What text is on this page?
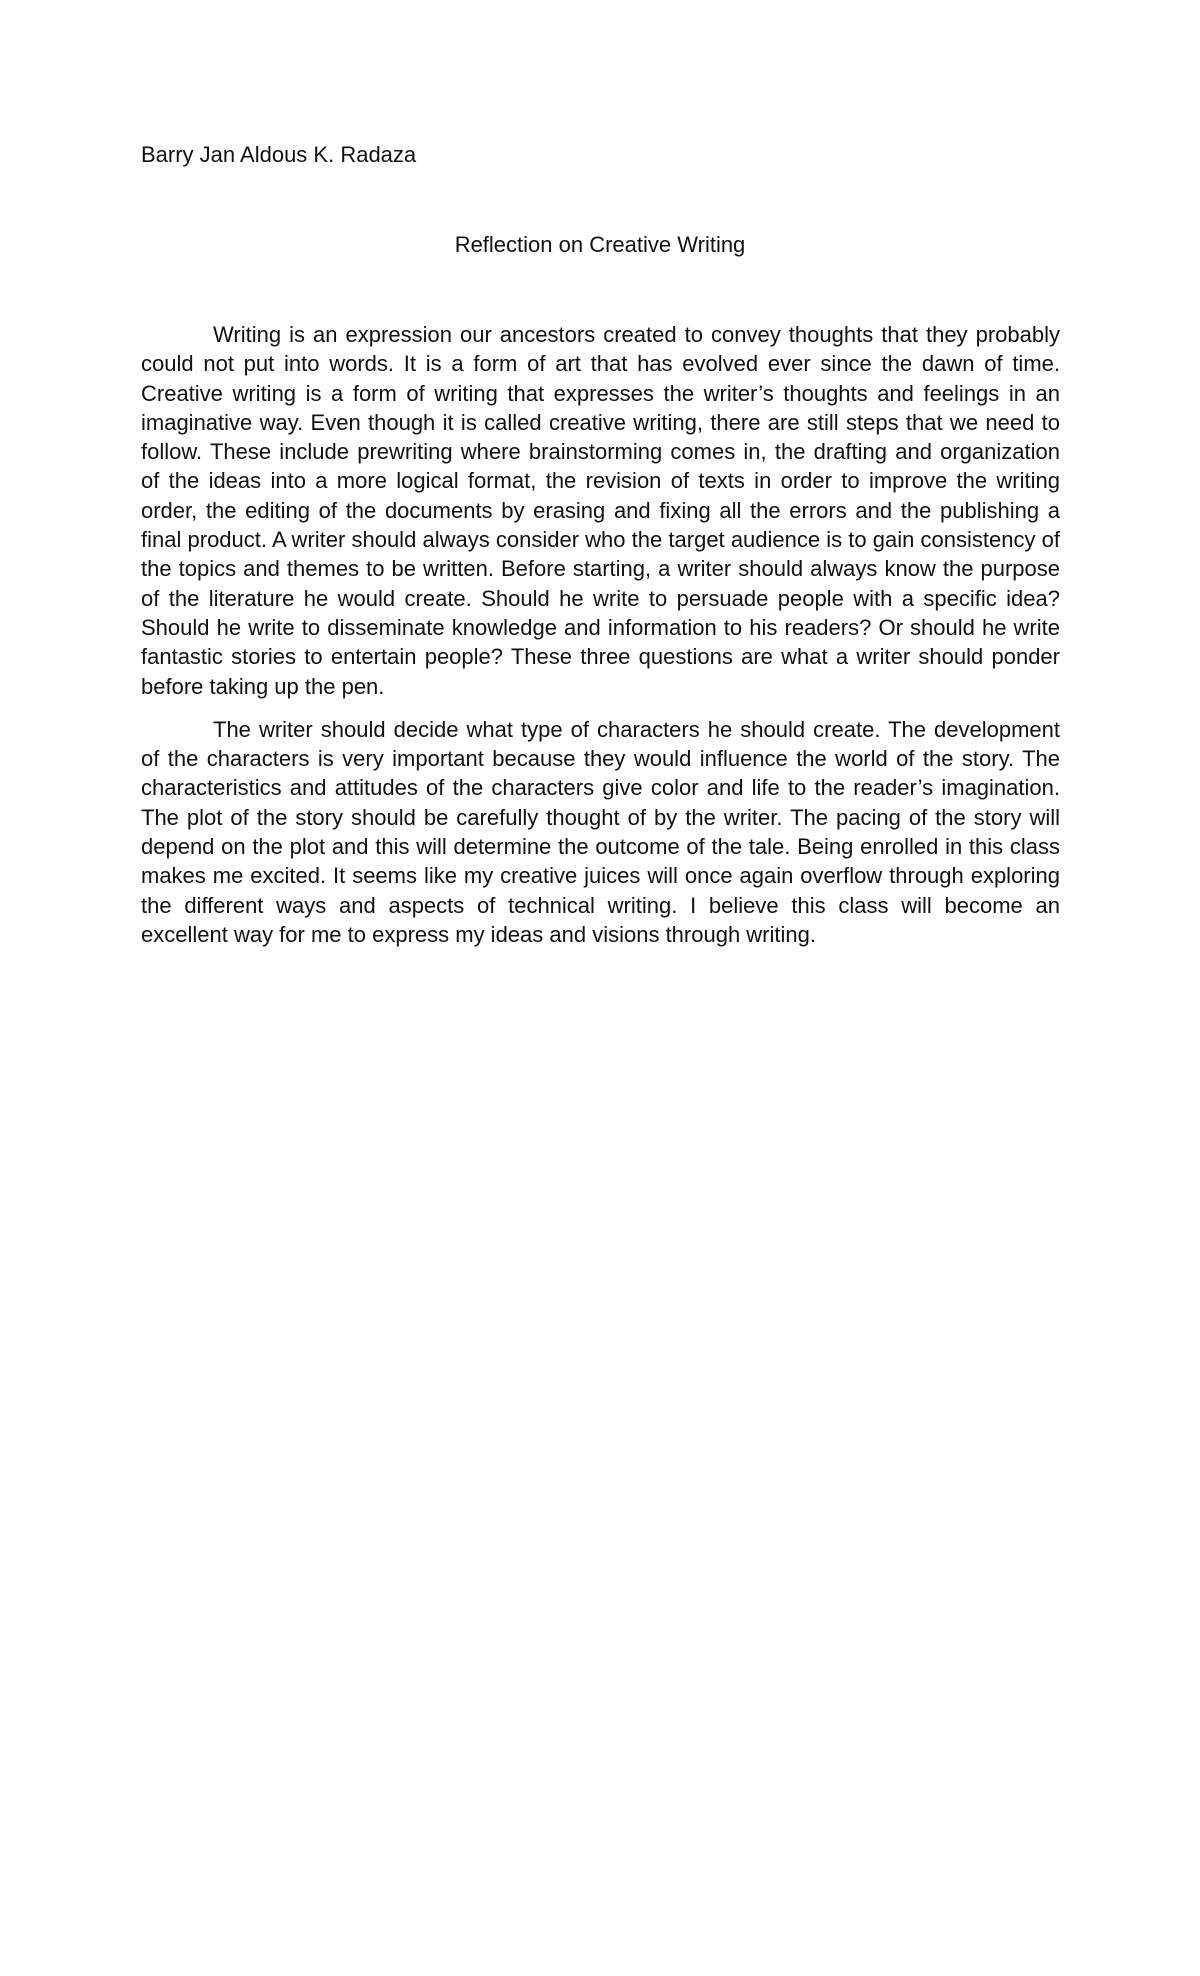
Barry Jan Aldous K. Radaza
Reflection on Creative Writing

Writing is an expression our ancestors created to convey thoughts that they probably could not put into words. It is a form of art that has evolved ever since the dawn of time. Creative writing is a form of writing that expresses the writer’s thoughts and feelings in an imaginative way. Even though it is called creative writing, there are still steps that we need to follow. These include prewriting where brainstorming comes in, the drafting and organization of the ideas into a more logical format, the revision of texts in order to improve the writing order, the editing of the documents by erasing and fixing all the errors and the publishing a final product. A writer should always consider who the target audience is to gain consistency of the topics and themes to be written. Before starting, a writer should always know the purpose of the literature he would create. Should he write to persuade people with a specific idea? Should he write to disseminate knowledge and information to his readers? Or should he write fantastic stories to entertain people? These three questions are what a writer should ponder before taking up the pen.

The writer should decide what type of characters he should create. The development of the characters is very important because they would influence the world of the story. The characteristics and attitudes of the characters give color and life to the reader’s imagination. The plot of the story should be carefully thought of by the writer. The pacing of the story will depend on the plot and this will determine the outcome of the tale. Being enrolled in this class makes me excited. It seems like my creative juices will once again overflow through exploring the different ways and aspects of technical writing. I believe this class will become an excellent way for me to express my ideas and visions through writing.
